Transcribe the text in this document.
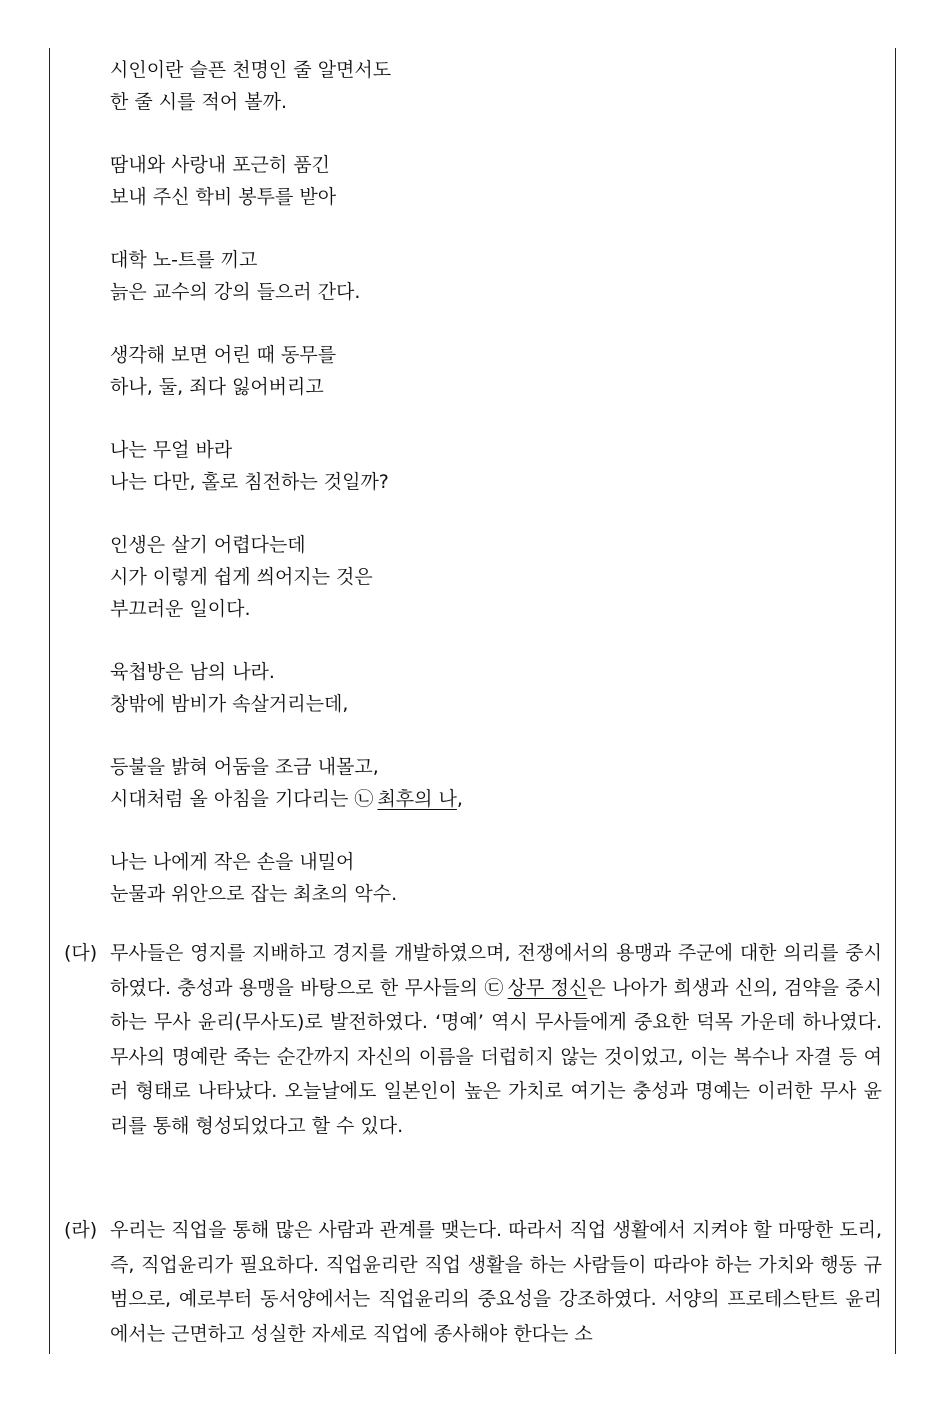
시인이란 슬픈 천명인 줄 알면서도
한 줄 시를 적어 볼까.
땀내와 사랑내 포근히 품긴
보내 주신 학비 봉투를 받아
대학 노-트를 끼고
늙은 교수의 강의 들으러 간다.
생각해 보면 어린 때 동무를
하나, 둘, 죄다 잃어버리고
나는 무얼 바라
나는 다만, 홀로 침전하는 것일까?
인생은 살기 어렵다는데
시가 이렇게 쉽게 씌어지는 것은
부끄러운 일이다.
육첩방은 남의 나라.
창밖에 밤비가 속살거리는데,
등불을 밝혀 어둠을 조금 내몰고,
시대처럼 올 아침을 기다리는 ㉡ 최후의 나,
나는 나에게 작은 손을 내밀어
눈물과 위안으로 잡는 최초의 악수.
(다) 무사들은 영지를 지배하고 경지를 개발하였으며, 전쟁에서의 용맹과 주군에 대한 의리를 중시하였다. 충성과 용맹을 바탕으로 한 무사들의 ㉢ 상무 정신은 나아가 희생과 신의, 검약을 중시하는 무사 윤리(무사도)로 발전하였다. ‘명예’ 역시 무사들에게 중요한 덕목 가운데 하나였다. 무사의 명예란 죽는 순간까지 자신의 이름을 더럽히지 않는 것이었고, 이는 복수나 자결 등 여러 형태로 나타났다. 오늘날에도 일본인이 높은 가치로 여기는 충성과 명예는 이러한 무사 윤리를 통해 형성되었다고 할 수 있다.
(라) 우리는 직업을 통해 많은 사람과 관계를 맺는다. 따라서 직업 생활에서 지켜야 할 마땅한 도리, 즉, 직업윤리가 필요하다. 직업윤리란 직업 생활을 하는 사람들이 따라야 하는 가치와 행동 규범으로, 예로부터 동서양에서는 직업윤리의 중요성을 강조하였다. 서양의 프로테스탄트 윤리에서는 근면하고 성실한 자세로 직업에 종사해야 한다는 소
